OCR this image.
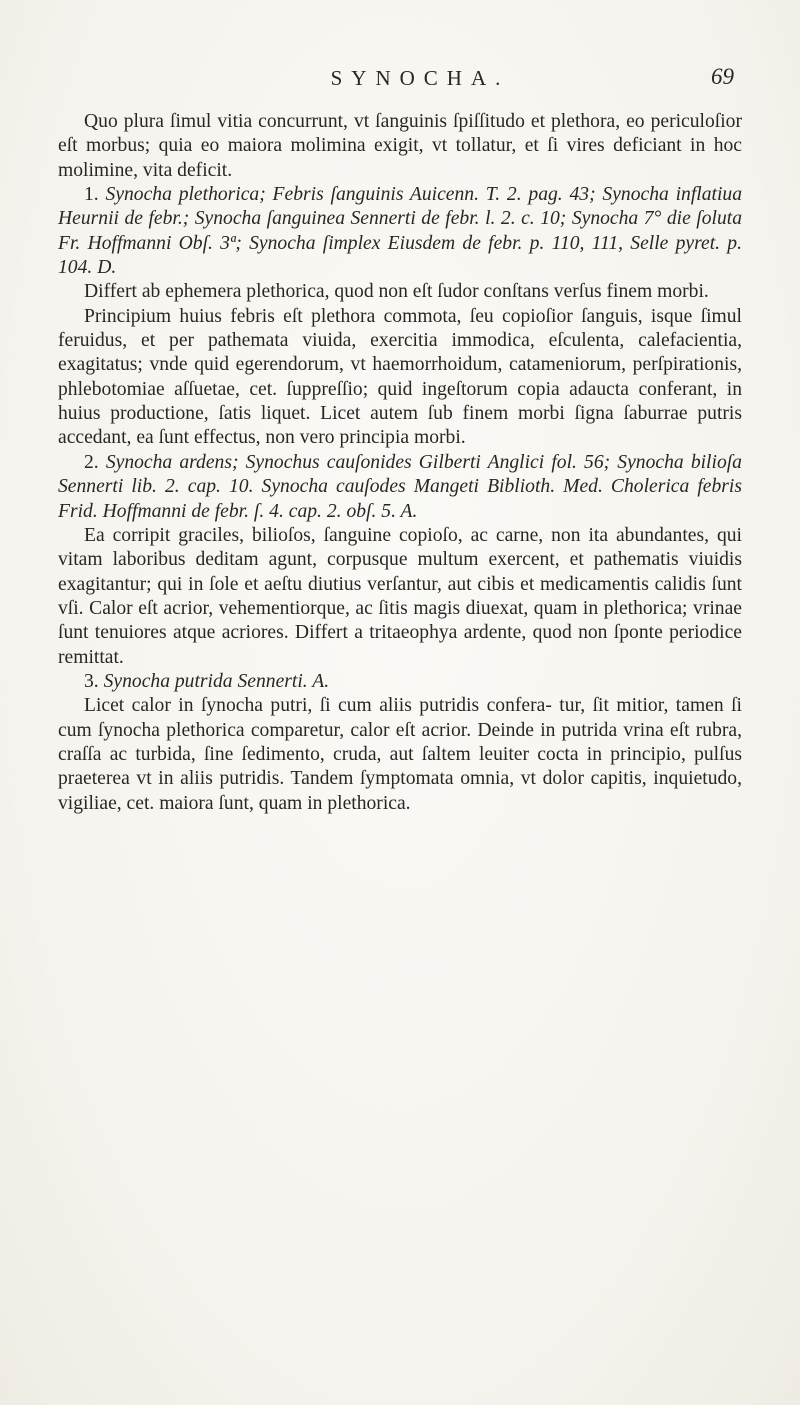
SYNOCHA.	69

Quo plura ſimul vitia concurrunt, vt ſanguinis ſpiſſitudo et plethora, eo periculoſior eſt morbus; quia eo maiora molimina exigit, vt tollatur, et ſi vires deficiant in hoc molimine, vita deficit.

1. Synocha plethorica; Febris ſanguinis Auicenn. T. 2. pag. 43; Synocha inflatiua Heurnii de febr.; Synocha ſanguinea Sennerti de febr. l. 2. c. 10; Synocha 7° die ſoluta Fr. Hoffmanni Obſ. 3ª; Synocha ſimplex Eiusdem de febr. p. 110, 111, Selle pyret. p. 104. D.

Differt ab ephemera plethorica, quod non eſt ſudor conſtans verſus finem morbi.

Principium huius febris eſt plethora commota, ſeu copioſior ſanguis, isque ſimul feruidus, et per pathemata viuida, exercitia immodica, eſculenta, calefacientia, exagitatus; vnde quid egerendorum, vt haemorrhoidum, catameniorum, perſpirationis, phlebotomiae aſſuetae, cet. ſuppreſſio; quid ingeſtorum copia adaucta conferant, in huius productione, ſatis liquet. Licet autem ſub finem morbi ſigna ſaburrae putris accedant, ea ſunt effectus, non vero principia morbi.

2. Synocha ardens; Synochus cauſonides Gilberti Anglici fol. 56; Synocha bilioſa Sennerti lib. 2. cap. 10. Synocha cauſodes Mangeti Biblioth. Med. Cholerica febris Frid. Hoffmanni de febr. ſ. 4. cap. 2. obſ. 5. A.

Ea corripit graciles, bilioſos, ſanguine copioſo, ac carne, non ita abundantes, qui vitam laboribus deditam agunt, corpusque multum exercent, et pathematis viuidis exagitantur; qui in ſole et aeſtu diutius verſantur, aut cibis et medicamentis calidis ſunt vſi. Calor eſt acrior, vehementiorque, ac ſitis magis diuexat, quam in plethorica; vrinae ſunt tenuiores atque acriores. Differt a tritaeophya ardente, quod non ſponte periodice remittat.

3. Synocha putrida Sennerti. A.

Licet calor in ſynocha putri, ſi cum aliis putridis confera- tur, ſit mitior, tamen ſi cum ſynocha plethorica comparetur, calor eſt acrior. Deinde in putrida vrina eſt rubra, craſſa ac turbida, ſine ſedimento, cruda, aut ſaltem leuiter cocta in principio, pulſus praeterea vt in aliis putridis. Tandem ſymptomata omnia, vt dolor capitis, inquietudo, vigiliae, cet. maiora ſunt, quam in plethorica.
